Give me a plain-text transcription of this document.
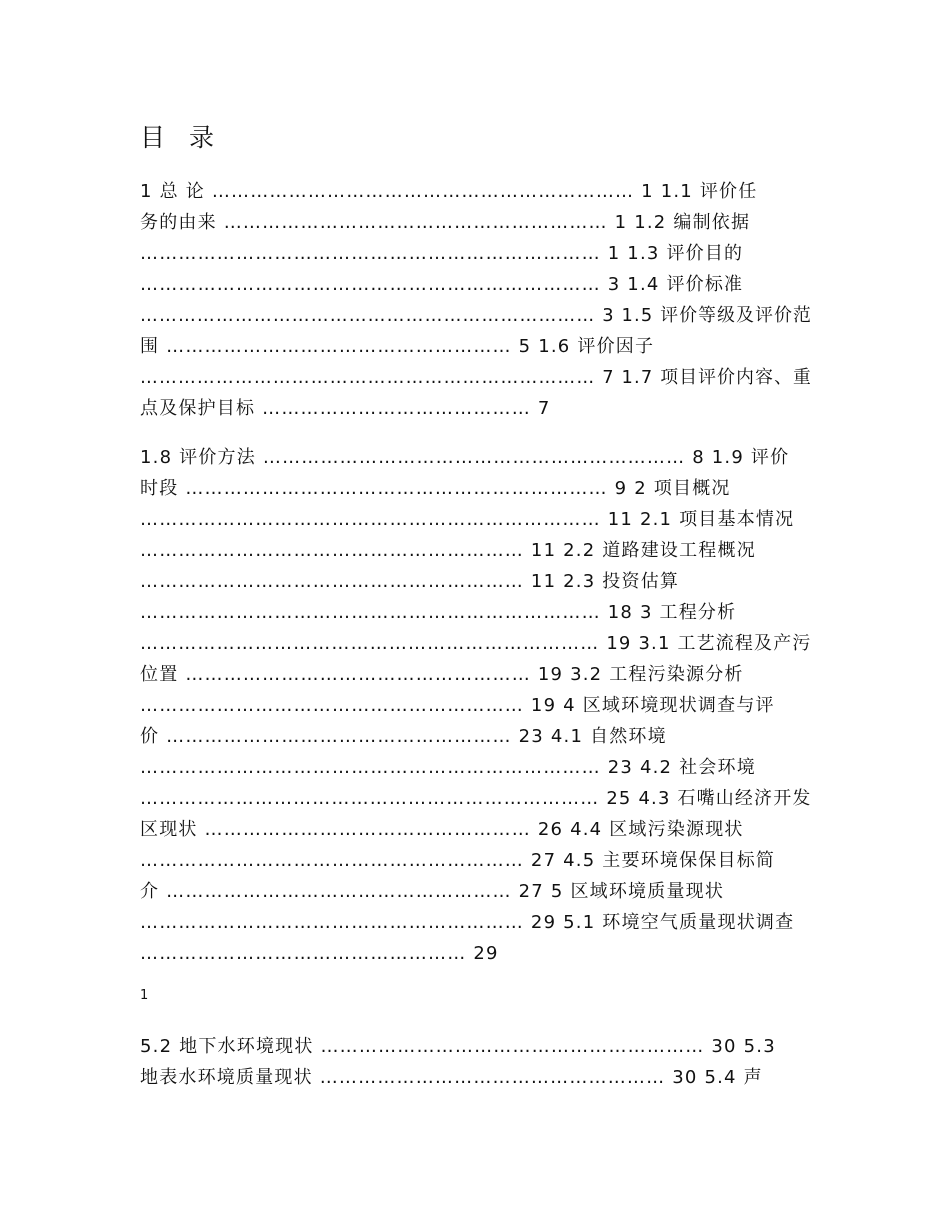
目 录
1 总 论 ………………………………………………………… 1 1.1 评价任
务的由来 …………………………………………………… 1 1.2 编制依据
……………………………………………………………… 1 1.3 评价目的
……………………………………………………………… 3 1.4 评价标准
……………………………………………………………… 3 1.5 评价等级及评价范
围 ……………………………………………… 5 1.6 评价因子
……………………………………………………………… 7 1.7 项目评价内容、重
点及保护目标 …………………………………… 7
1.8 评价方法 ………………………………………………………… 8 1.9 评价
时段 ………………………………………………………… 9 2 项目概况
……………………………………………………………… 11 2.1 项目基本情况
…………………………………………………… 11 2.2 道路建设工程概况
…………………………………………………… 11 2.3 投资估算
……………………………………………………………… 18 3 工程分析
……………………………………………………………… 19 3.1 工艺流程及产污
位置 ……………………………………………… 19 3.2 工程污染源分析
…………………………………………………… 19 4 区域环境现状调查与评
价 ……………………………………………… 23 4.1 自然环境
……………………………………………………………… 23 4.2 社会环境
……………………………………………………………… 25 4.3 石嘴山经济开发
区现状 …………………………………………… 26 4.4 区域污染源现状
…………………………………………………… 27 4.5 主要环境保保目标简
介 ……………………………………………… 27 5 区域环境质量现状
…………………………………………………… 29 5.1 环境空气质量现状调查
…………………………………………… 29
1
5.2 地下水环境现状 …………………………………………………… 30 5.3
地表水环境质量现状 ……………………………………………… 30 5.4 声
